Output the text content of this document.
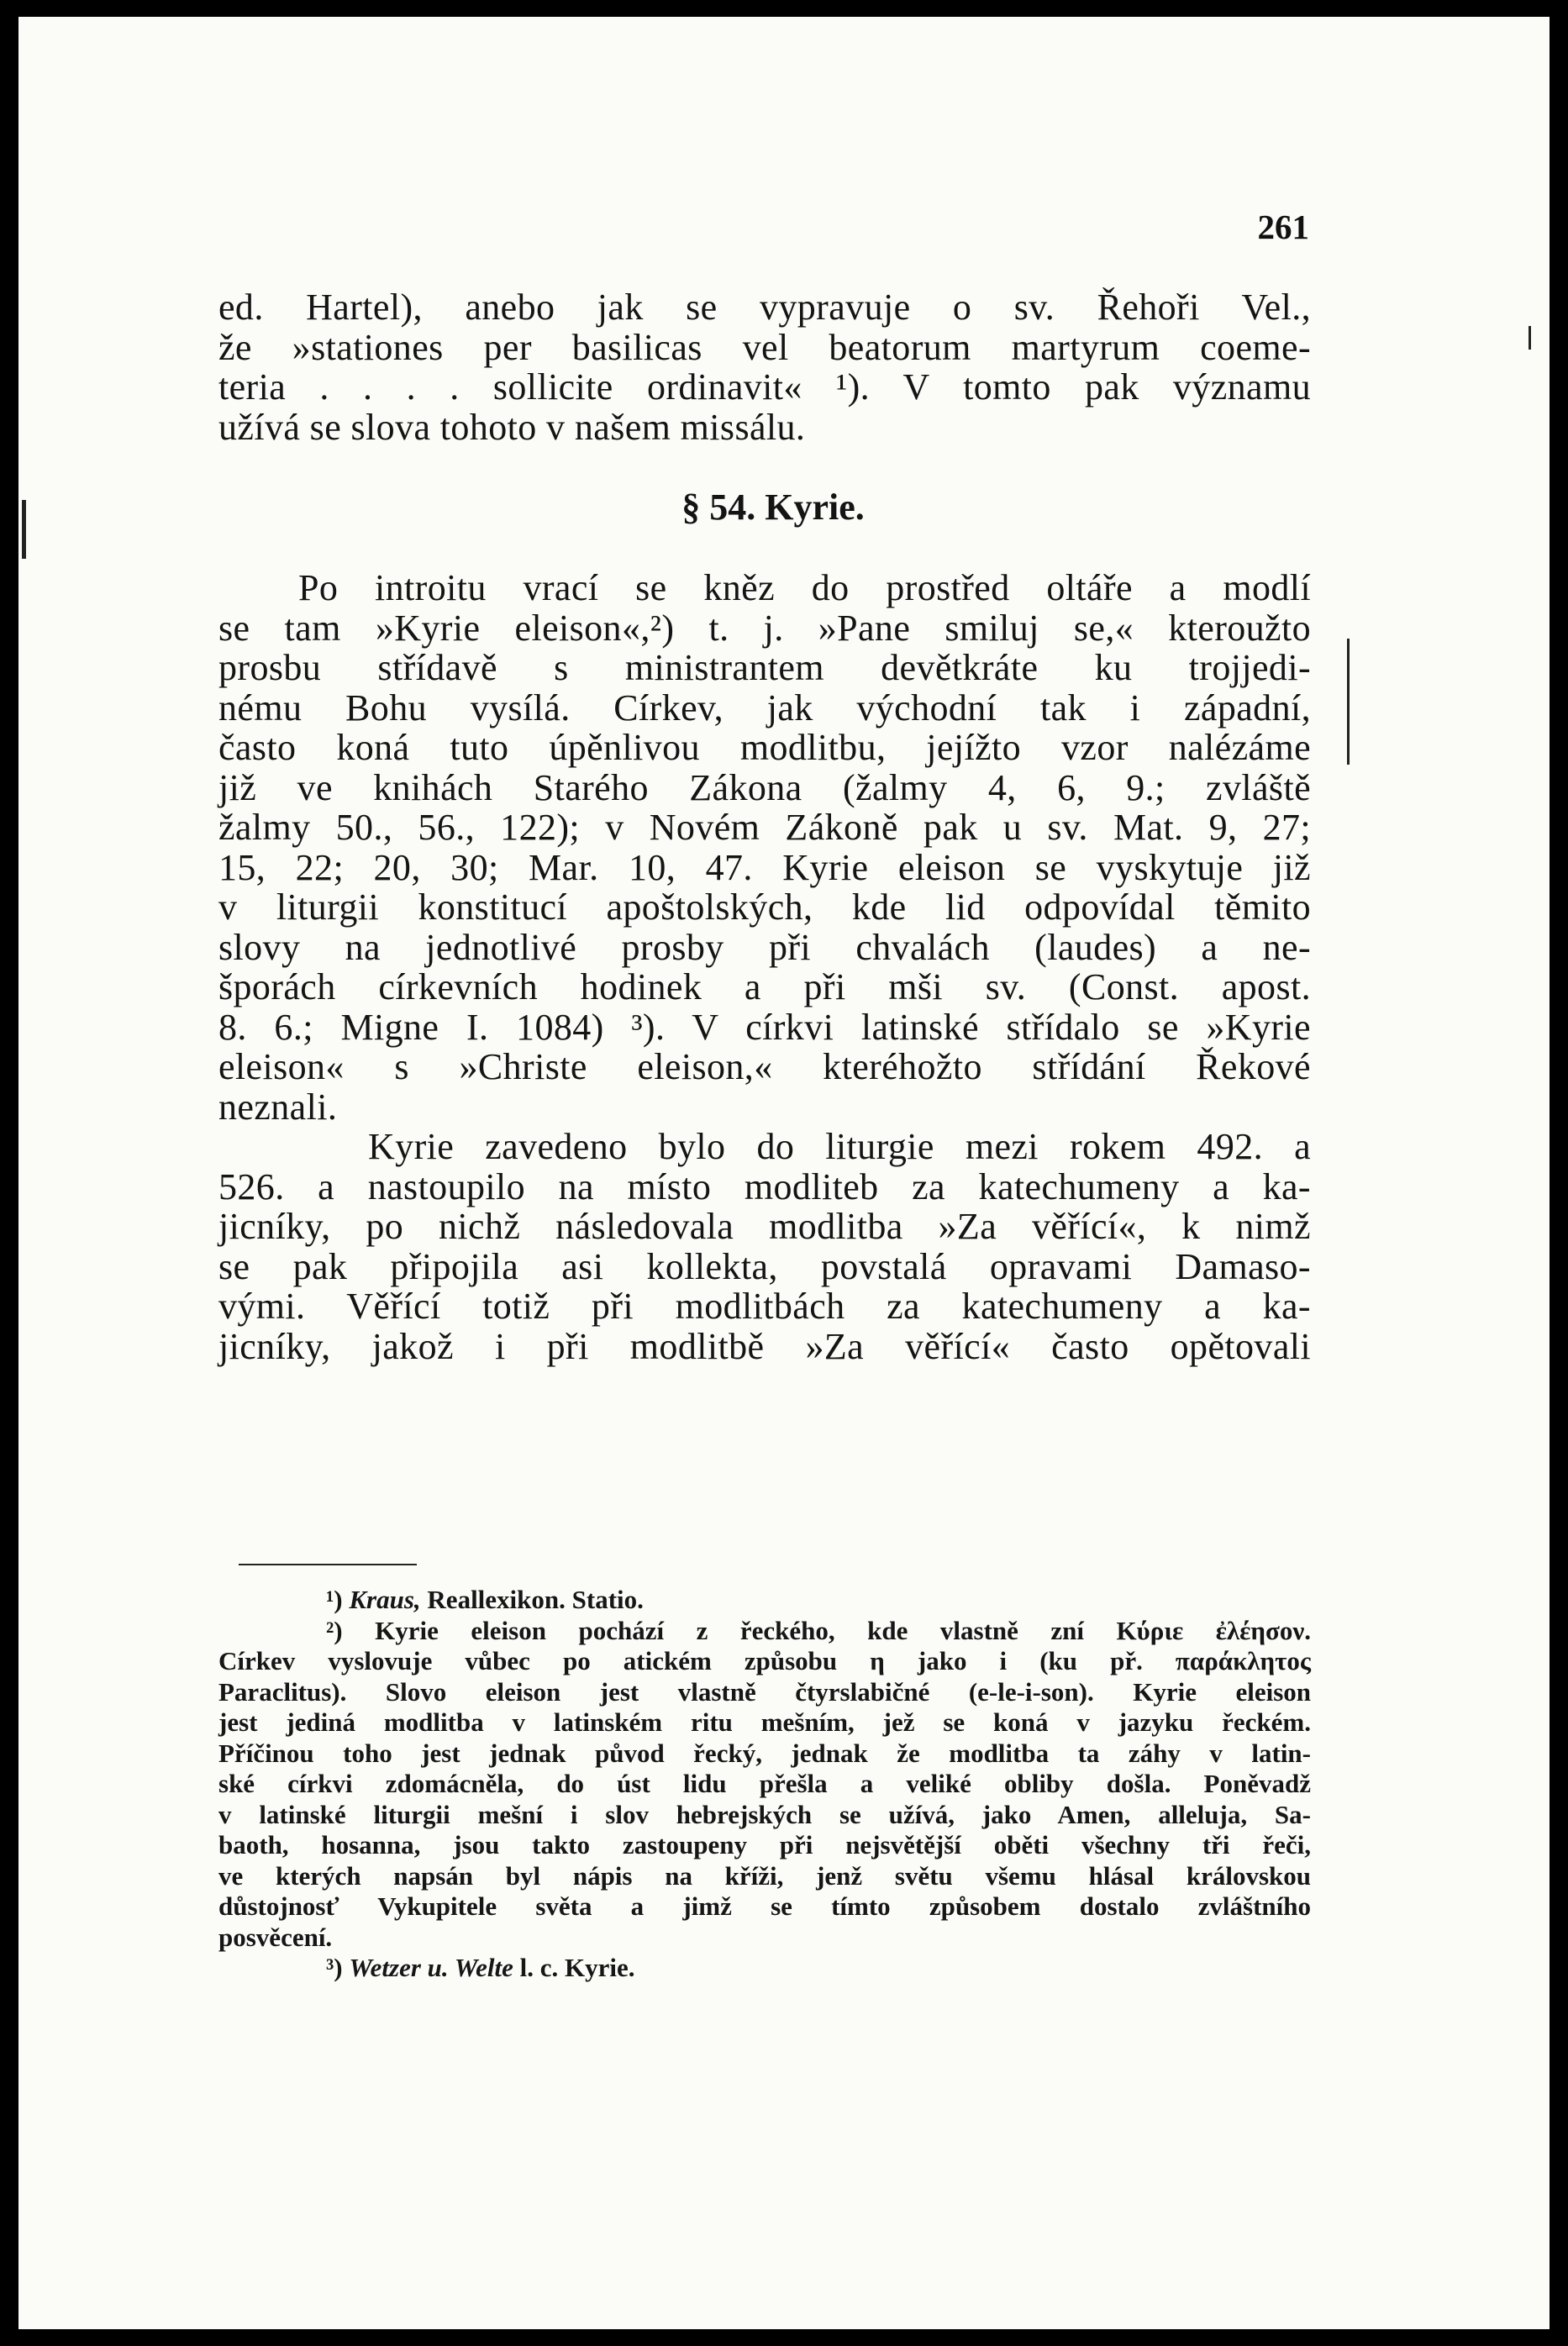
261
ed. Hartel), anebo jak se vypravuje o sv. Řehoři Vel.,
že »stationes per basilicas vel beatorum martyrum coeme-
teria . . . . sollicite ordinavit« ¹). V tomto pak významu
užívá se slova tohoto v našem missálu.
§ 54. Kyrie.
Po introitu vrací se kněz do prostřed oltáře a modlí
se tam »Kyrie eleison«,²) t. j. »Pane smiluj se,« kteroužto
prosbu střídavě s ministrantem devětkráte ku trojjedi-
nému Bohu vysílá. Církev, jak východní tak i západní,
často koná tuto úpěnlivou modlitbu, jejížto vzor nalézáme
již ve knihách Starého Zákona (žalmy 4, 6, 9.; zvláště
žalmy 50., 56., 122); v Novém Zákoně pak u sv. Mat. 9, 27;
15, 22; 20, 30; Mar. 10, 47. Kyrie eleison se vyskytuje již
v liturgii konstitucí apoštolských, kde lid odpovídal těmito
slovy na jednotlivé prosby při chvalách (laudes) a ne-
šporách církevních hodinek a při mši sv. (Const. apost.
8. 6.; Migne I. 1084) ³). V církvi latinské střídalo se »Kyrie
eleison« s »Christe eleison,« kteréhožto střídání Řekové
neznali.
Kyrie zavedeno bylo do liturgie mezi rokem 492. a
526. a nastoupilo na místo modliteb za katechumeny a ka-
jicníky, po nichž následovala modlitba »Za věřící«, k nimž
se pak připojila asi kollekta, povstalá opravami Damaso-
vými. Věřící totiž při modlitbách za katechumeny a ka-
jicníky, jakož i při modlitbě »Za věřící« často opětovali
¹) Kraus, Reallexikon. Statio.
²) Kyrie eleison pochází z řeckého, kde vlastně zní Κύριε ἐλέησον.
Církev vyslovuje vůbec po atickém způsobu η jako i (ku př. παράκλητος
Paraclitus). Slovo eleison jest vlastně čtyrslabičné (e-le-i-son). Kyrie eleison
jest jediná modlitba v latinském ritu mešním, jež se koná v jazyku řeckém.
Příčinou toho jest jednak původ řecký, jednak že modlitba ta záhy v latin-
ské církvi zdomácněla, do úst lidu přešla a veliké obliby došla. Poněvadž
v latinské liturgii mešní i slov hebrejských se užívá, jako Amen, alleluja, Sa-
baoth, hosanna, jsou takto zastoupeny při nejsvětější oběti všechny tři řeči,
ve kterých napsán byl nápis na kříži, jenž světu všemu hlásal královskou
důstojnosť Vykupitele světa a jimž se tímto způsobem dostalo zvláštního
posvěcení.
³) Wetzer u. Welte l. c. Kyrie.
